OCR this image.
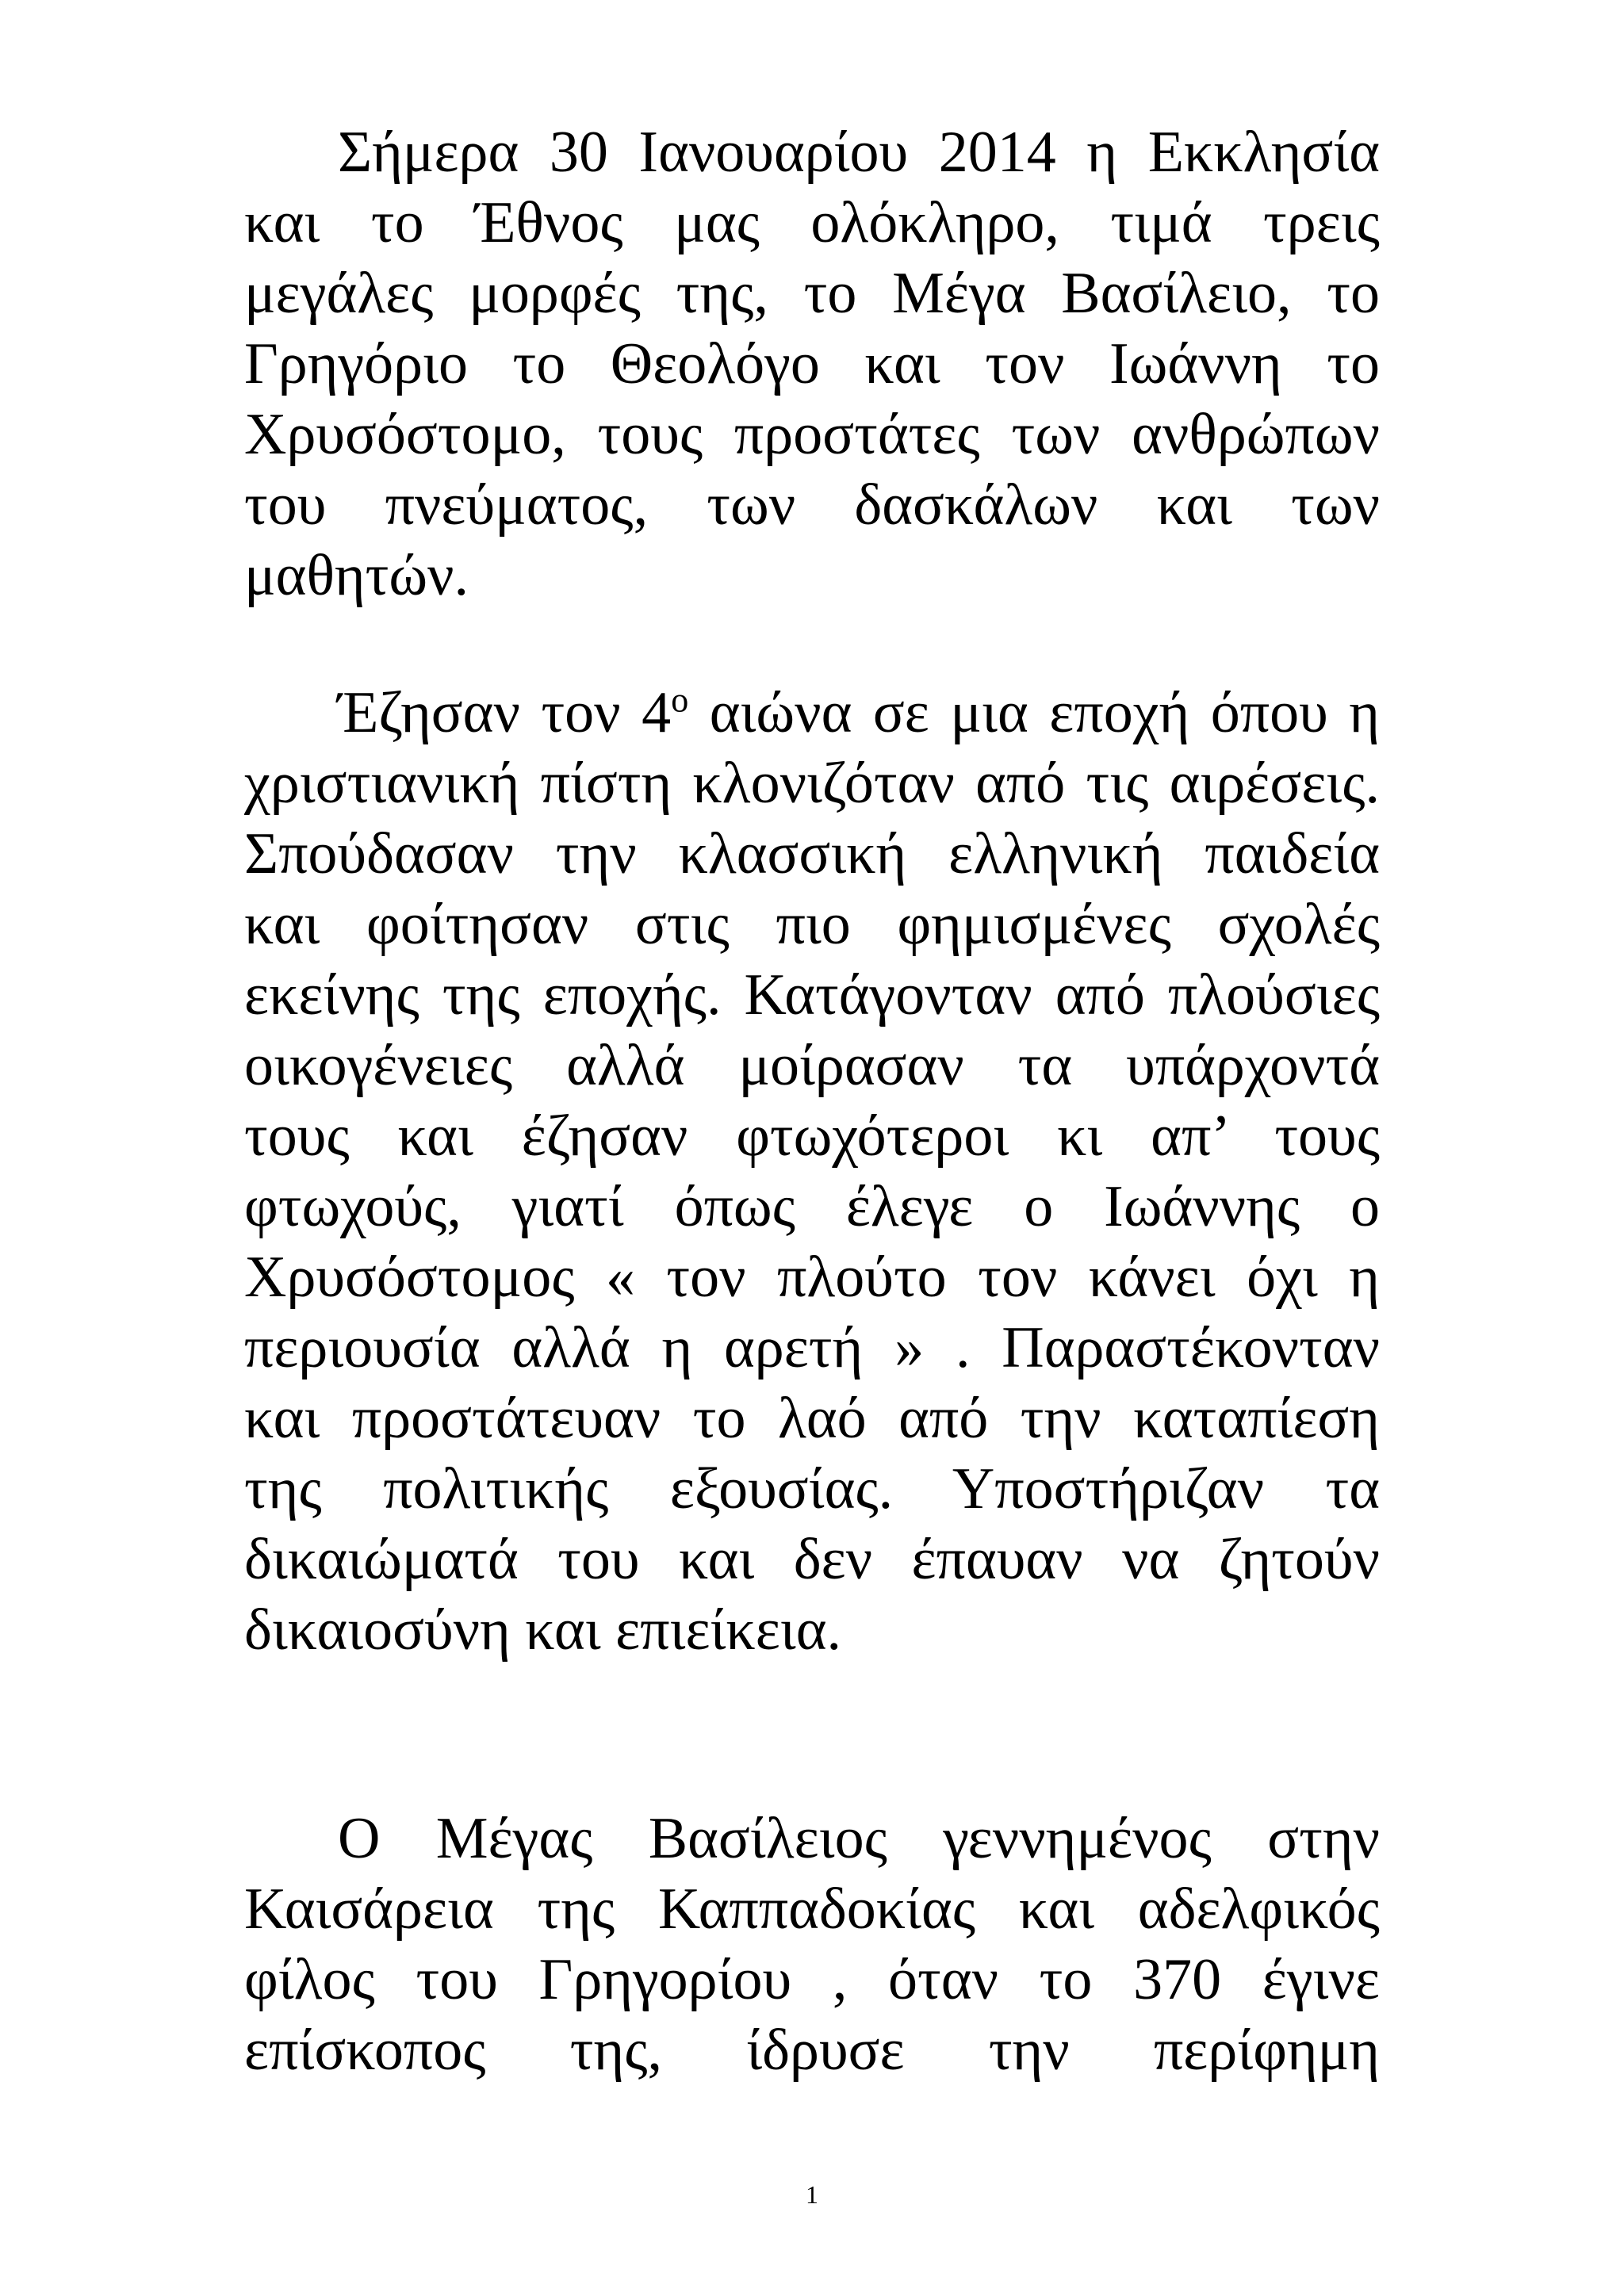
Σήμερα 30 Ιανουαρίου 2014 η Εκκλησία
και το Έθνος μας ολόκληρο, τιμά τρεις
μεγάλες μορφές της, το Μέγα Βασίλειο, το
Γρηγόριο το Θεολόγο και τον Ιωάννη το
Χρυσόστομο, τους προστάτες των ανθρώπων
του πνεύματος, των δασκάλων και των
μαθητών.
Έζησαν τον $4^o$ αιώνα σε μια εποχή όπου η
χριστιανική πίστη κλονιζόταν από τις αιρέσεις.
Σπούδασαν την κλασσική ελληνική παιδεία
και φοίτησαν στις πιο φημισμένες σχολές
εκείνης της εποχής. Κατάγονταν από πλούσιες
οικογένειες αλλά μοίρασαν τα υπάρχοντά
τους και έζησαν φτωχότεροι κι απ’ τους
φτωχούς, γιατί όπως έλεγε ο Ιωάννης ο
Χρυσόστομος « τον πλούτο τον κάνει όχι η
περιουσία αλλά η αρετή » . Παραστέκονταν
και προστάτευαν το λαό από την καταπίεση
της πολιτικής εξουσίας. Υποστήριζαν τα
δικαιώματά του και δεν έπαυαν να ζητούν
δικαιοσύνη και επιείκεια.
Ο Μέγας Βασίλειος γεννημένος στην
Καισάρεια της Καππαδοκίας και αδελφικός
φίλος του Γρηγορίου , όταν το 370 έγινε
επίσκοπος της, ίδρυσε την περίφημη
1
